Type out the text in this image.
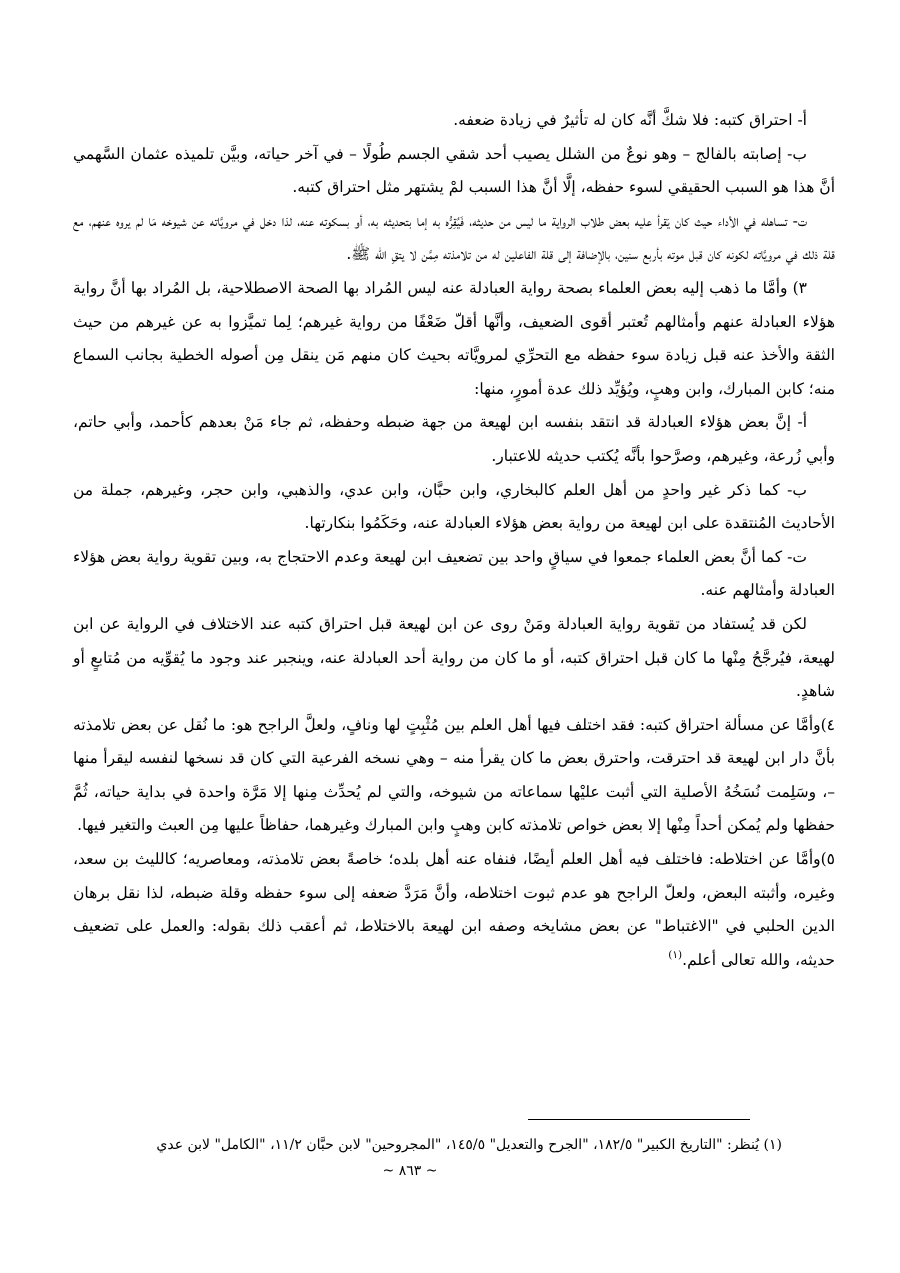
أ- احتراق كتبه: فلا شكَّ أنَّه كان له تأثيرٌ في زيادة ضعفه.

ب- إصابته بالفالج – وهو نوعٌ من الشلل يصيب أحد شقي الجسم طُولًا – في آخر حياته، وبيَّن تلميذه عثمان السَّهمي أنَّ هذا هو السبب الحقيقي لسوء حفظه، إلَّا أنَّ هذا السبب لمْ يشتهر مثل احتراق كتبه.

ت- تساهله في الأداء حيث كان يَقرأ عليه بعض طلاب الرواية ما ليس من حديثه، فَيُقِرُّه به إما بتحديثه به، أو بسكوته عنه، لذا دخل في مرويَّاته عن شيوخه مَا لم يروه عنهم، مع قلة ذلك في مرويَّاته لكونه كان قبل موته بأربع سنين، بالإضافة إلى قلة الفاعلين له من تلامذته مِمَّن لا يتقِ الله ﷺ.

٣) وأمَّا ما ذهب إليه بعض العلماء بصحة رواية العبادلة عنه ليس المُراد بها الصحة الاصطلاحية، بل المُراد بها أنَّ رواية هؤلاء العبادلة عنهم وأمثالهم تُعتبر أقوى الضعيف، وأنَّها أقلّ ضَعْفًا من رواية غيرهم؛ لِما تميَّزوا به عن غيرهم من حيث الثقة والأخذ عنه قبل زيادة سوء حفظه مع التحرِّي لمرويَّاته بحيث كان منهم مَن ينقل مِن أصوله الخطية بجانب السماع منه؛ كابن المبارك، وابن وهبٍ، ويُؤيِّد ذلك عدة أمورٍ، منها:

أ- إنَّ بعض هؤلاء العبادلة قد انتقد بنفسه ابن لهيعة من جهة ضبطه وحفظه، ثم جاء مَنْ بعدهم كأحمد، وأبي حاتم، وأبي زُرعة، وغيرهم، وصرَّحوا بأنَّه يُكتب حديثه للاعتبار.

ب- كما ذكر غير واحدٍ من أهل العلم كالبخاري، وابن حبَّان، وابن عدي، والذهبي، وابن حجر، وغيرهم، جملة من الأحاديث المُنتقدة على ابن لهيعة من رواية بعض هؤلاء العبادلة عنه، وحَكَمُوا بنكارتها.

ت- كما أنَّ بعض العلماء جمعوا في سياقٍ واحد بين تضعيف ابن لهيعة وعدم الاحتجاج به، وبين تقوية رواية بعض هؤلاء العبادلة وأمثالهم عنه.

لكن قد يُستفاد من تقوية رواية العبادلة ومَنْ روى عن ابن لهيعة قبل احتراق كتبه عند الاختلاف في الرواية عن ابن لهيعة، فيُرجَّحُ مِنْها ما كان قبل احتراق كتبه، أو ما كان من رواية أحد العبادلة عنه، وينجبر عند وجود ما يُقوِّيه من مُتابعٍ أو شاهدٍ.

٤)وأمَّا عن مسألة احتراق كتبه: فقد اختلف فيها أهل العلم بين مُثْبِتٍ لها ونافٍ، ولعلَّ الراجح هو: ما نُقل عن بعض تلامذته بأنَّ دار ابن لهيعة قد احترقت، واحترق بعض ما كان يقرأ منه – وهي نسخه الفرعية التي كان قد نسخها لنفسه ليقرأ منها –، وسَلِمت نُسَخُهُ الأصلية التي أثبت عليْها سماعاته من شيوخه، والتي لم يُحدِّث مِنها إلا مَرَّة واحدة في بداية حياته، ثُمَّ حفظها ولم يُمكن أحداً مِنْها إلا بعض خواص تلامذته كابن وهبٍ وابن المبارك وغيرهما، حفاظاً عليها مِن العبث والتغير فيها.

٥)وأمَّا عن اختلاطه: فاختلف فيه أهل العلم أيضًا، فنفاه عنه أهل بلده؛ خاصةً بعض تلامذته، ومعاصريه؛ كالليث بن سعد، وغيره، وأثبته البعض، ولعلّ الراجح هو عدم ثبوت اختلاطه، وأنَّ مَرَدَّ ضعفه إلى سوء حفظه وقلة ضبطه، لذا نقل برهان الدين الحلبي في "الاغتباط" عن بعض مشايخه وصفه ابن لهيعة بالاختلاط، ثم أعقب ذلك بقوله: والعمل على تضعيف حديثه، والله تعالى أعلم.$^{(١)}$

(١) يُنظر: "التاريخ الكبير" ١٨٢/٥، "الجرح والتعديل" ١٤٥/٥، "المجروحين" لابن حبَّان ١١/٢، "الكامل" لابن عدي
~ ٨٦٣ ~
